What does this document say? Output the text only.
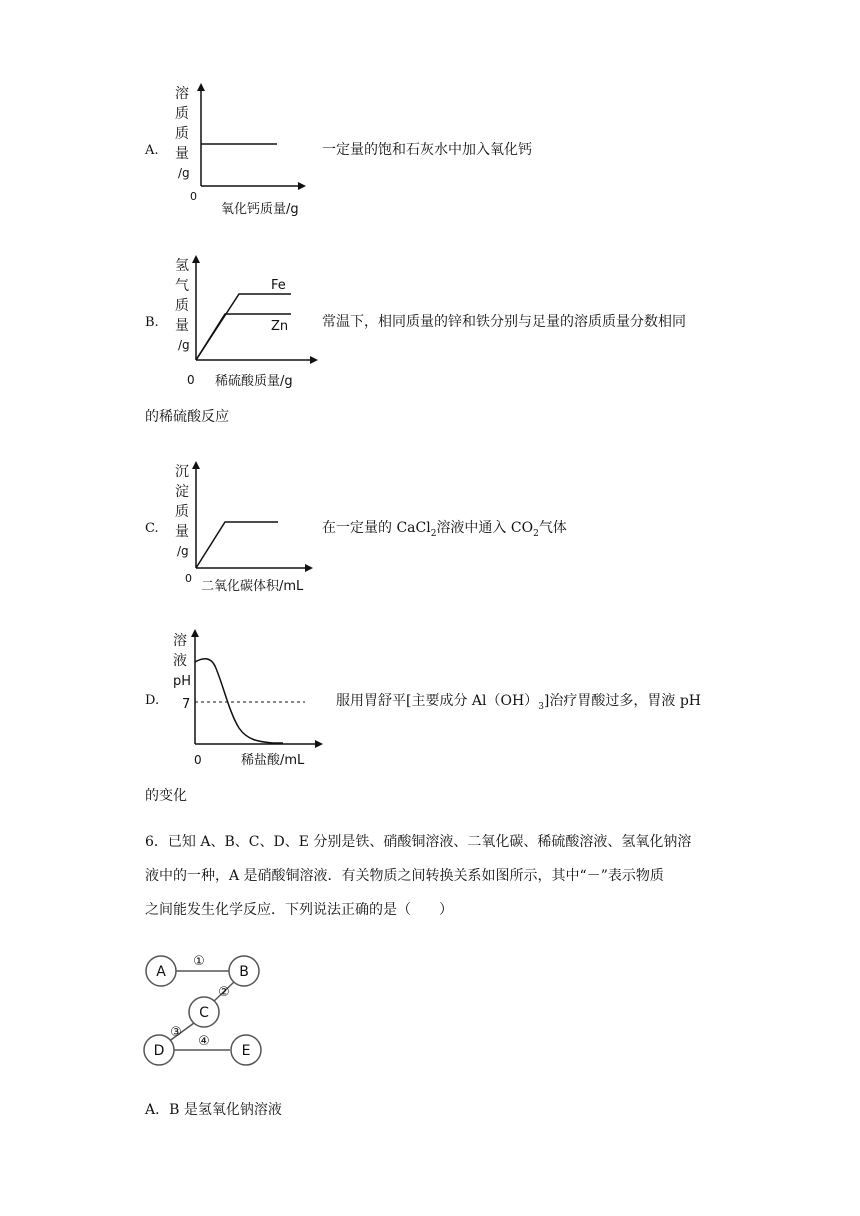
A.
溶
质
质
量
/g
0
氧化钙质量/g
一定量的饱和石灰水中加入氧化钙
B.
氢
气
质
量
/g
Fe
Zn
0 稀硫酸质量/g
常温下，相同质量的锌和铁分别与足量的溶质质量分数相同
的稀硫酸反应
C.
沉
淀
质
量
/g
0
二氧化碳体积/mL
在一定量的 CaCl$_2$溶液中通入 $CO_2$气体
D.
溶
液
pH
7
0	稀盐酸/mL
服用胃舒平[主要成分 $Al(OH)_3$]治疗胃酸过多，胃液 pH
的变化
6．已知 A、B、C、D、E 分别是铁、硝酸铜溶液、二氧化碳、稀硫酸溶液、氢氧化钠溶
液中的一种，A 是硝酸铜溶液．有关物质之间转换关系如图所示，其中“－”表示物质
之间能发生化学反应．下列说法正确的是（　　）
A	B
C
D	E
①
②
③
④
A．B 是氢氧化钠溶液
